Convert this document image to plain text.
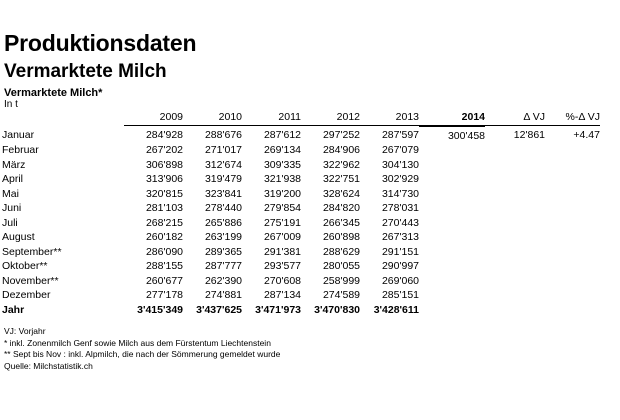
Produktionsdaten
Vermarktete Milch
Vermarktete Milch*
In t
	2009	2010	2011	2012	2013	2014	Δ VJ	%-Δ VJ
Januar	284'928	288'676	287'612	297'252	287'597	300'458	12'861	+4.47
Februar	267'202	271'017	269'134	284'906	267'079			
März	306'898	312'674	309'335	322'962	304'130			
April	313'906	319'479	321'938	322'751	302'929			
Mai	320'815	323'841	319'200	328'624	314'730			
Juni	281'103	278'440	279'854	284'820	278'031			
Juli	268'215	265'886	275'191	266'345	270'443			
August	260'182	263'199	267'009	260'898	267'313			
September**	286'090	289'365	291'381	288'629	291'151			
Oktober**	288'155	287'777	293'577	280'055	290'997			
November**	260'677	262'390	270'608	258'999	269'060			
Dezember	277'178	274'881	287'134	274'589	285'151			
Jahr	3'415'349	3'437'625	3'471'973	3'470'830	3'428'611			
VJ: Vorjahr
* inkl. Zonenmilch Genf sowie Milch aus dem Fürstentum Liechtenstein
** Sept bis Nov : inkl. Alpmilch, die nach der Sömmerung gemeldet wurde
Quelle: Milchstatistik.ch
